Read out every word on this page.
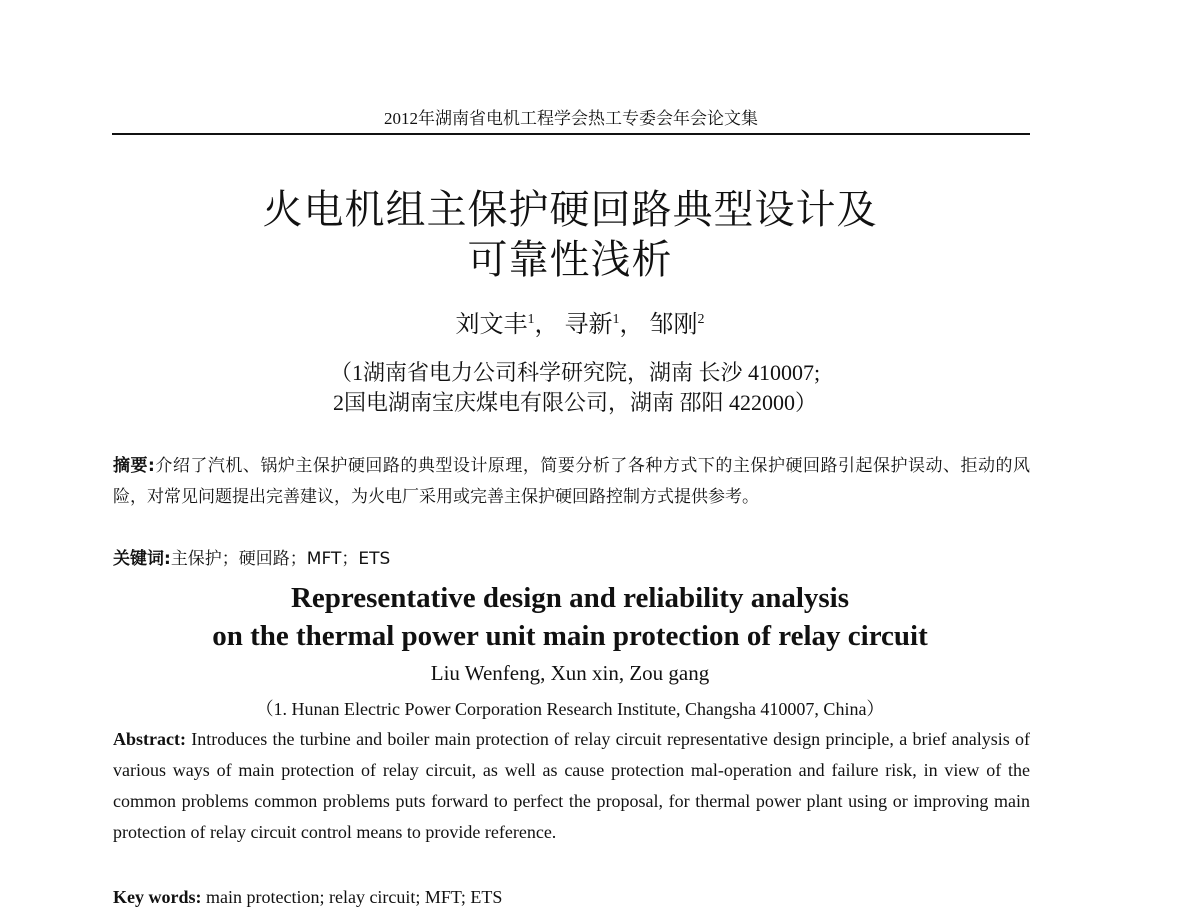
2012年湖南省电机工程学会热工专委会年会论文集
火电机组主保护硬回路典型设计及
可靠性浅析
刘文丰$^1$， 寻新$^1$， 邹刚$^2$
（1湖南省电力公司科学研究院，湖南 长沙 410007;
2国电湖南宝庆煤电有限公司，湖南 邵阳 422000）
摘要:介绍了汽机、锅炉主保护硬回路的典型设计原理，简要分析了各种方式下的主保护硬回路引起保护误动、拒动的风险，对常见问题提出完善建议，为火电厂采用或完善主保护硬回路控制方式提供参考。
关键词:主保护；硬回路；MFT；ETS
Representative design and reliability analysis
on the thermal power unit main protection of relay circuit
Liu Wenfeng, Xun xin, Zou gang
（1. Hunan Electric Power Corporation Research Institute, Changsha 410007, China）
Abstract: Introduces the turbine and boiler main protection of relay circuit representative design principle, a brief analysis of various ways of main protection of relay circuit, as well as cause protection mal-operation and failure risk, in view of the common problems common problems puts forward to perfect the proposal, for thermal power plant using or improving main protection of relay circuit control means to provide reference.
Key words: main protection; relay circuit; MFT; ETS
